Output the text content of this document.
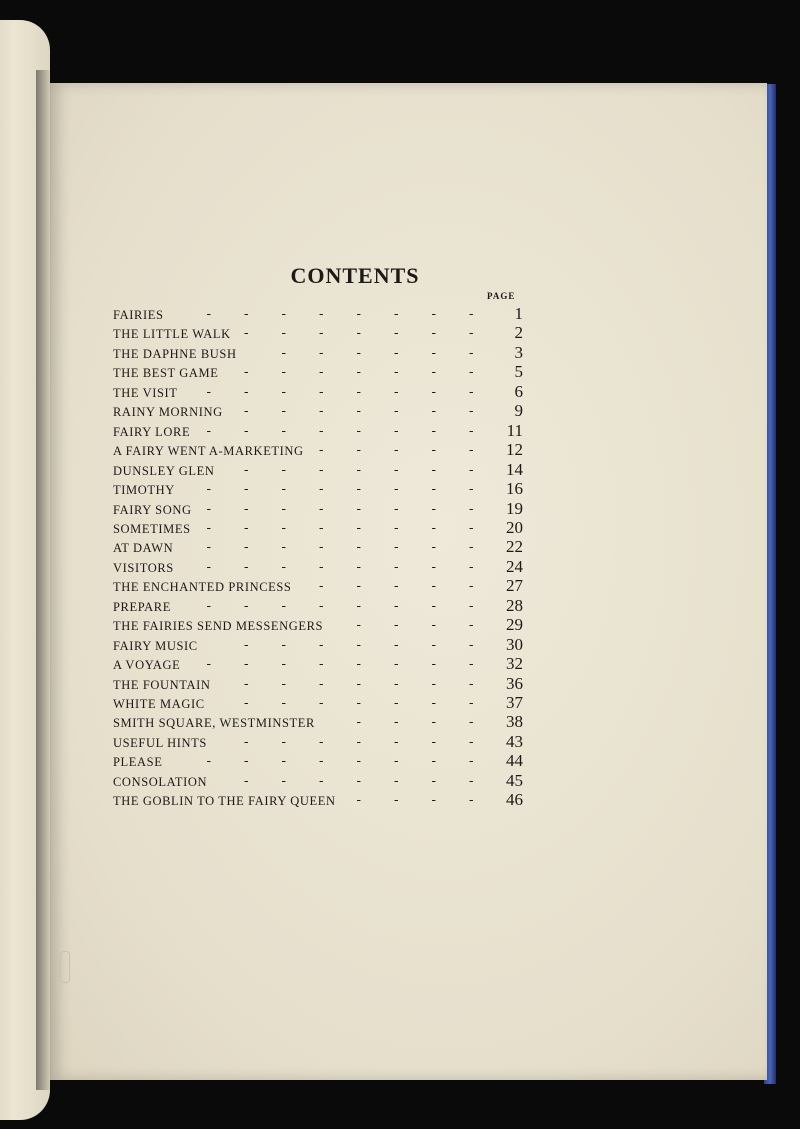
CONTENTS
PAGE
FAIRIES	-    -    -    -    -    -    -    -	1
THE LITTLE WALK -    -    -    -    -    -    -	2
THE DAPHNE BUSH	-    -    -    -    -    -	3
THE BEST GAME -    -    -    -    -    -    -	5
THE VISIT -    -    -    -    -    -    -    -	6
RAINY MORNING -    -    -    -    -    -    -	9
FAIRY LORE -    -    -    -    -    -    -    -	11
A FAIRY WENT A-MARKETING -    -    -    -    -	12
DUNSLEY GLEN -    -    -    -    -    -    -	14
TIMOTHY -    -    -    -    -    -    -    -	16
FAIRY SONG -    -    -    -    -    -    -    -	19
SOMETIMES -    -    -    -    -    -    -    -	20
AT DAWN	-    -    -    -    -    -    -    -	22
VISITORS -    -    -    -    -    -    -    -	24
THE ENCHANTED PRINCESS -    -    -    -    -	27
PREPARE	-    -    -    -    -    -    -    -	28
THE FAIRIES SEND MESSENGERS	-    -    -    -	29
FAIRY MUSIC	-    -    -    -    -    -    -	30
A VOYAGE -    -    -    -    -    -    -    -	32
THE FOUNTAIN	-    -    -    -    -    -    -	36
WHITE MAGIC	-    -    -    -    -    -    -	37
SMITH SQUARE, WESTMINSTER	-    -    -    -	38
USEFUL HINTS	-    -    -    -    -    -    -	43
PLEASE	-    -    -    -    -    -    -    -	44
CONSOLATION	-    -    -    -    -    -    -	45
THE GOBLIN TO THE FAIRY QUEEN -    -    -    -	46
